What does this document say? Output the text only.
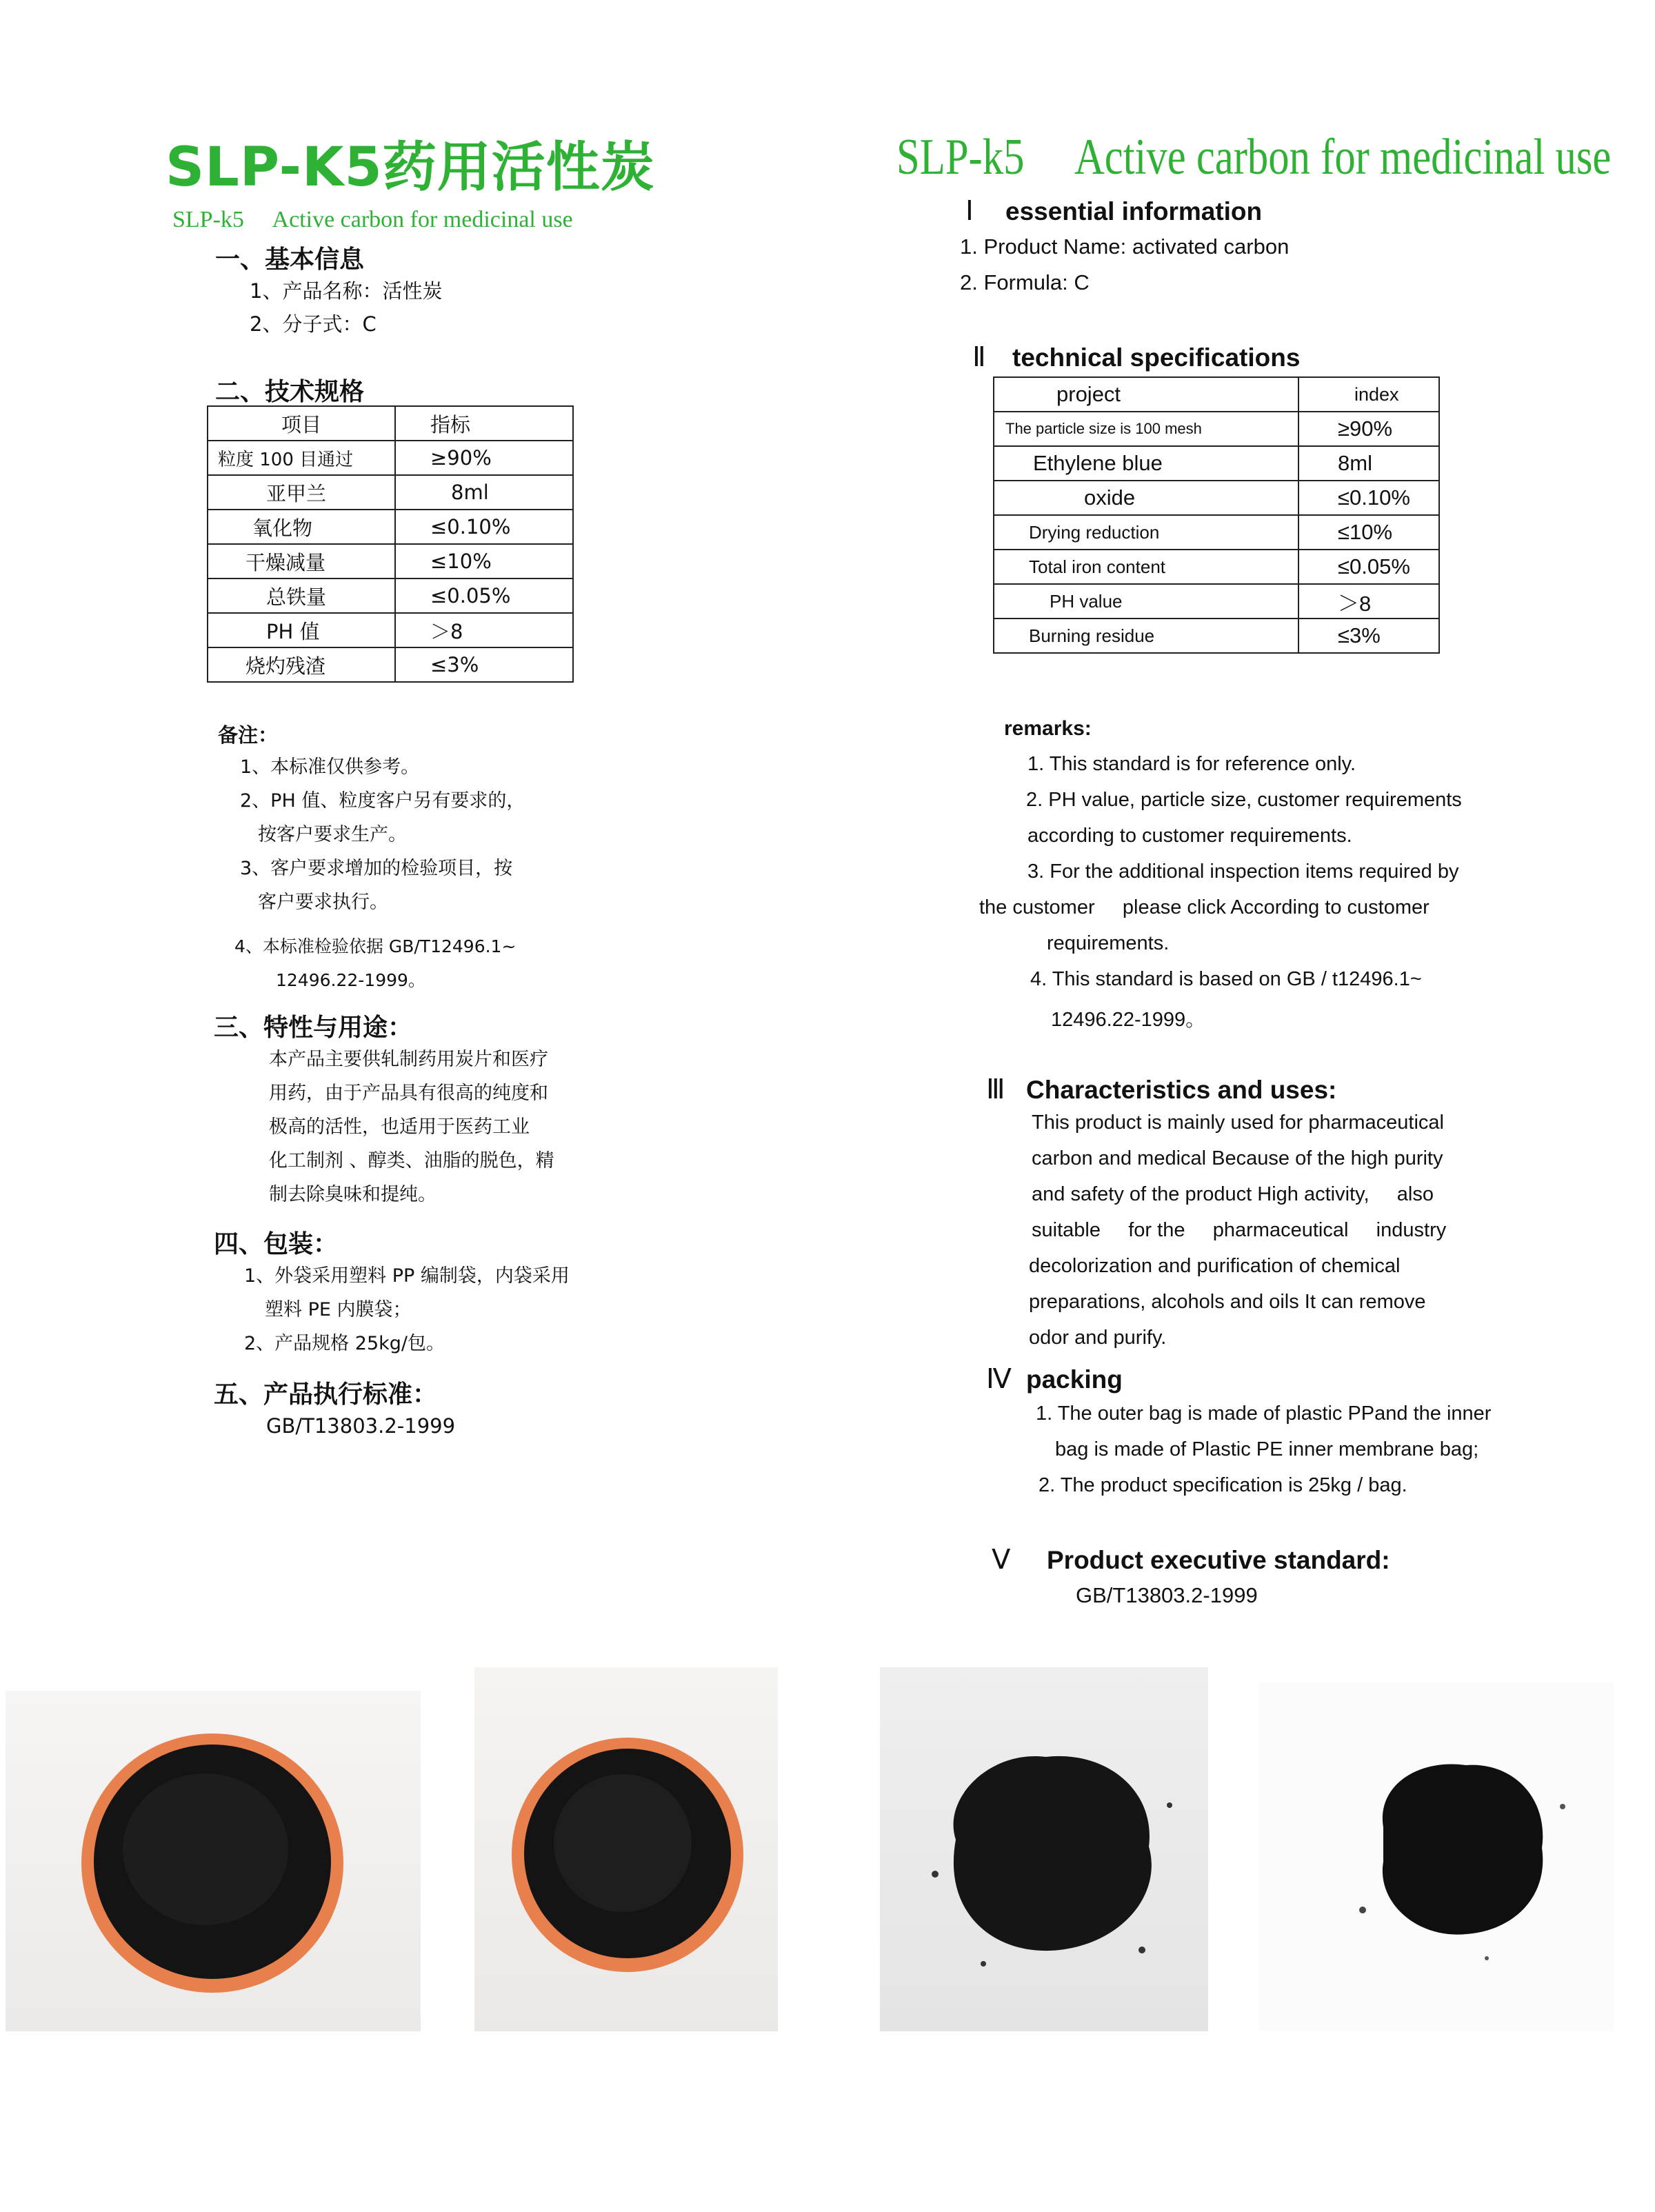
SLP-K5药用活性炭
SLP-k5     Active carbon for medicinal use
一、基本信息
1、产品名称：活性炭
2、分子式：C
二、技术规格
项目	指标
粒度 100 目通过	≥90%
亚甲兰	8ml
氧化物	≤0.10%
干燥减量	≤10%
总铁量	≤0.05%
PH 值	＞8
烧灼残渣	≤3%
备注：
1、本标准仅供参考。
2、PH 值、粒度客户另有要求的，
按客户要求生产。
3、客户要求增加的检验项目，按
客户要求执行。
4、本标准检验依据 GB/T12496.1~
12496.22-1999。
三、特性与用途：
本产品主要供轧制药用炭片和医疗
用药，由于产品具有很高的纯度和
极高的活性，也适用于医药工业
化工制剂 、醇类、油脂的脱色，精
制去除臭味和提纯。
四、包装：
1、外袋采用塑料 PP 编制袋，内袋采用
塑料 PE 内膜袋；
2、产品规格 25kg/包。
五、产品执行标准：
GB/T13803.2-1999
SLP-k5     Active carbon for medicinal use
Ⅰ essential information
1. Product Name: activated carbon
2. Formula: C
Ⅱ technical specifications
project	index
The particle size is 100 mesh	≥90%
Ethylene blue	8ml
oxide	≤0.10%
Drying reduction	≤10%
Total iron content	≤0.05%
PH value	＞8
Burning residue	≤3%
remarks:
1. This standard is for reference only.
2. PH value, particle size, customer requirements
according to customer requirements.
3. For the additional inspection items required by
the customer     please click According to customer
requirements.
4. This standard is based on GB / t12496.1~
12496.22-1999。
Ⅲ Characteristics and uses:
This product is mainly used for pharmaceutical
carbon and medical Because of the high purity
and safety of the product High activity,     also
suitable     for the     pharmaceutical     industry
decolorization and purification of chemical
preparations, alcohols and oils It can remove
odor and purify.
Ⅳ packing
1. The outer bag is made of plastic PPand the inner
bag is made of Plastic PE inner membrane bag;
2. The product specification is 25kg / bag.
Ⅴ Product executive standard:
GB/T13803.2-1999
